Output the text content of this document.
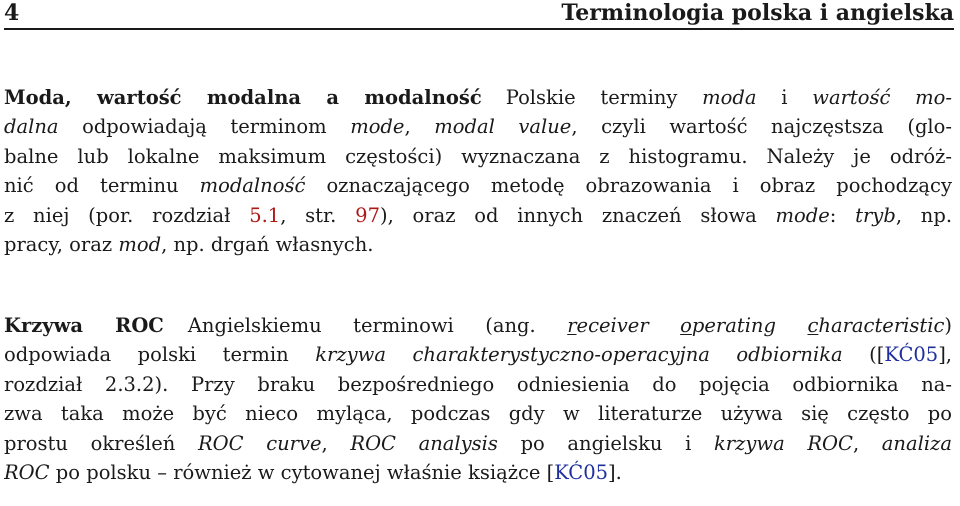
4	Terminologia polska i angielska
Moda, wartość modalna a modalność Polskie terminy moda i wartość mo-
dalna odpowiadają terminom mode, modal value, czyli wartość najczęstsza (glo-
balne lub lokalne maksimum częstości) wyznaczana z histogramu. Należy je odróż-
nić od terminu modalność oznaczającego metodę obrazowania i obraz pochodzący
z niej (por. rozdział 5.1, str. 97), oraz od innych znaczeń słowa mode: tryb, np.
pracy, oraz mod, np. drgań własnych.
Krzywa ROC Angielskiemu terminowi (ang. receiver operating characteristic)
odpowiada polski termin krzywa charakterystyczno-operacyjna odbiornika ([KĆ05],
rozdział 2.3.2). Przy braku bezpośredniego odniesienia do pojęcia odbiornika na-
zwa taka może być nieco myląca, podczas gdy w literaturze używa się często po
prostu określeń ROC curve, ROC analysis po angielsku i krzywa ROC, analiza
ROC po polsku – również w cytowanej właśnie książce [KĆ05].
